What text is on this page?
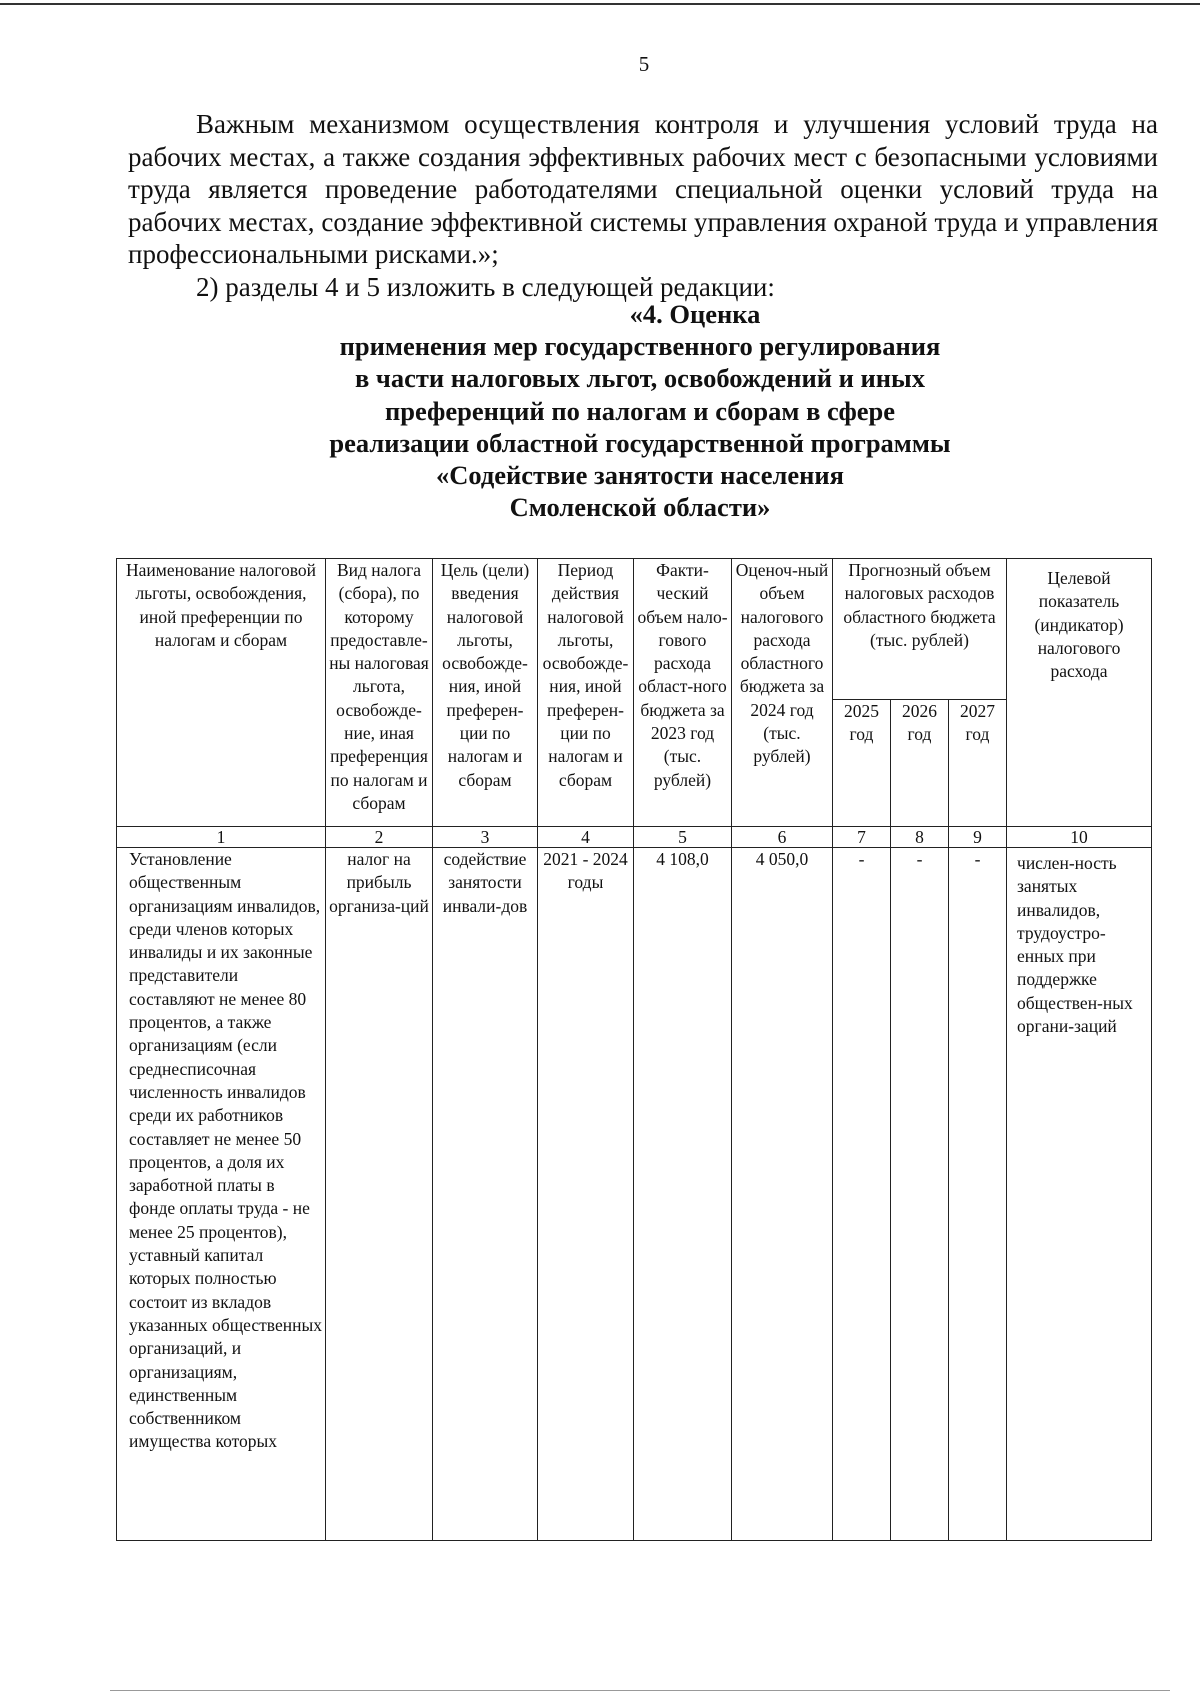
5

Важным механизмом осуществления контроля и улучшения условий труда на рабочих местах, а также создания эффективных рабочих мест с безопасными условиями труда является проведение работодателями специальной оценки условий труда на рабочих местах, создание эффективной системы управления охраной труда и управления профессиональными рисками.»;

2) разделы 4 и 5 изложить в следующей редакции:

«4. Оценка
применения мер государственного регулирования
в части налоговых льгот, освобождений и иных
преференций по налогам и сборам в сфере
реализации областной государственной программы
«Содействие занятости населения
Смоленской области»
Наименование налоговой льготы, освобождения, иной преференции по налогам и сборам	Вид налога (сбора), по которому предоставле-ны налоговая льгота, освобожде-ние, иная преференция по налогам и сборам	Цель (цели) введения налоговой льготы, освобожде-ния, иной преферен-ции по налогам и сборам	Период действия налоговой льготы, освобожде-ния, иной преферен-ции по налогам и сборам	Факти-ческий объем нало-гового расхода област-ного бюджета за 2023 год (тыс. рублей)	Оценоч-ный объем налогового расхода областного бюджета за 2024 год (тыс. рублей)	Прогнозный объем налоговых расходов областного бюджета (тыс. рублей)			Целевой показатель (индикатор) налогового расхода
						2025 год	2026 год	2027 год	
1	2	3	4	5	6	7	8	9	10
Установление общественным организациям инвалидов, среди членов которых инвалиды и их законные представители составляют не менее 80 процентов, а также организациям (если среднесписочная численность инвалидов среди их работников составляет не менее 50 процентов, а доля их заработной платы в фонде оплаты труда - не менее 25 процентов), уставный капитал которых полностью состоит из вкладов указанных общественных организаций, и организациям, единственным собственником имущества которых	налог на прибыль организа-ций	содействие занятости инвали-дов	2021 - 2024 годы	4 108,0	4 050,0	-	-	-	числен-ность занятых инвалидов, трудоустро-енных при поддержке обществен-ных органи-заций
